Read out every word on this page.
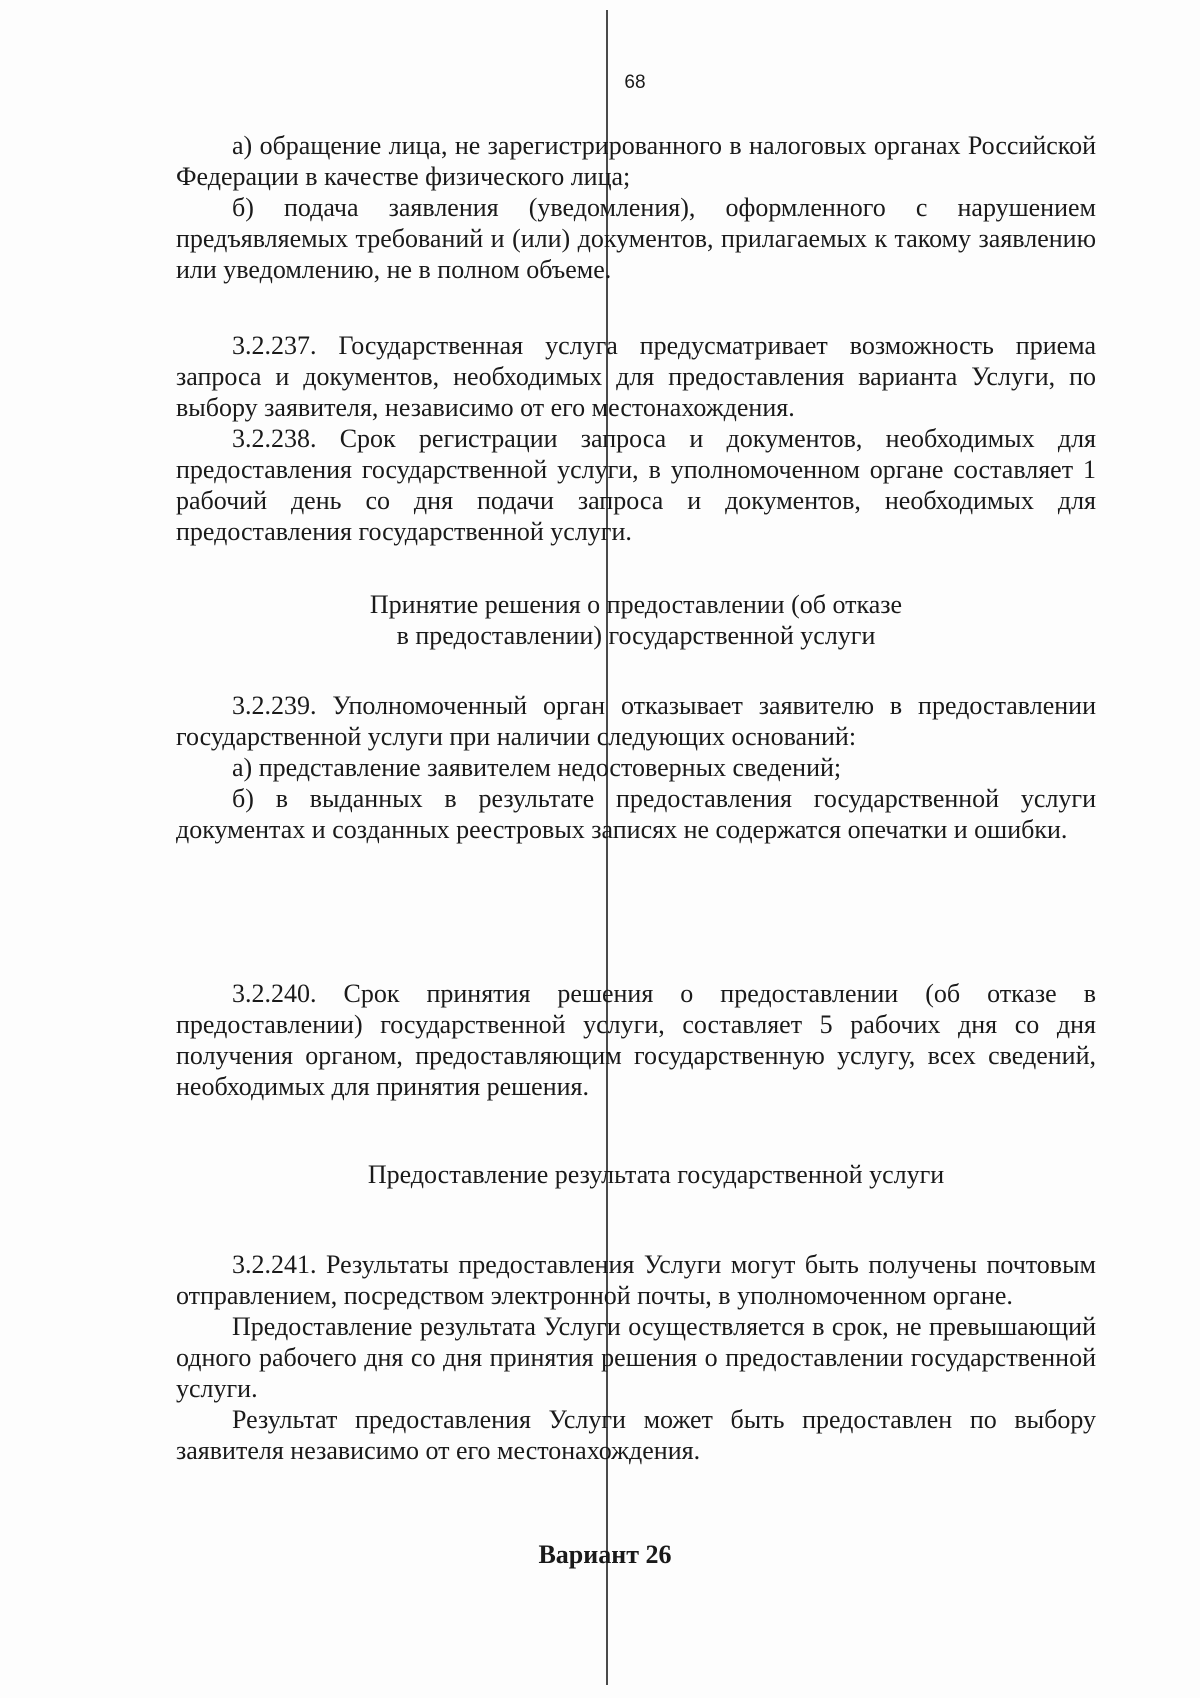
68

а) обращение лица, не зарегистрированного в налоговых органах Российской Федерации в качестве физического лица;

б) подача заявления (уведомления), оформленного с нарушением предъявляемых требований и (или) документов, прилагаемых к такому заявлению или уведомлению, не в полном объеме.

3.2.237. Государственная услуга предусматривает возможность приема запроса и документов, необходимых для предоставления варианта Услуги, по выбору заявителя, независимо от его местонахождения.

3.2.238. Срок регистрации запроса и документов, необходимых для предоставления государственной услуги, в уполномоченном органе составляет 1 рабочий день со дня подачи запроса и документов, необходимых для предоставления государственной услуги.

Принятие решения о предоставлении (об отказе
в предоставлении) государственной услуги

3.2.239. Уполномоченный орган отказывает заявителю в предоставлении государственной услуги при наличии следующих оснований:

а) представление заявителем недостоверных сведений;

б) в выданных в результате предоставления государственной услуги документах и созданных реестровых записях не содержатся опечатки и ошибки.

3.2.240. Срок принятия решения о предоставлении (об отказе в предоставлении) государственной услуги, составляет 5 рабочих дня со дня получения органом, предоставляющим государственную услугу, всех сведений, необходимых для принятия решения.

Предоставление результата государственной услуги

3.2.241. Результаты предоставления Услуги могут быть получены почтовым отправлением, посредством электронной почты, в уполномоченном органе.

Предоставление результата Услуги осуществляется в срок, не превышающий одного рабочего дня со дня принятия решения о предоставлении государственной услуги.

Результат предоставления Услуги может быть предоставлен по выбору заявителя независимо от его местонахождения.

Вариант 26
